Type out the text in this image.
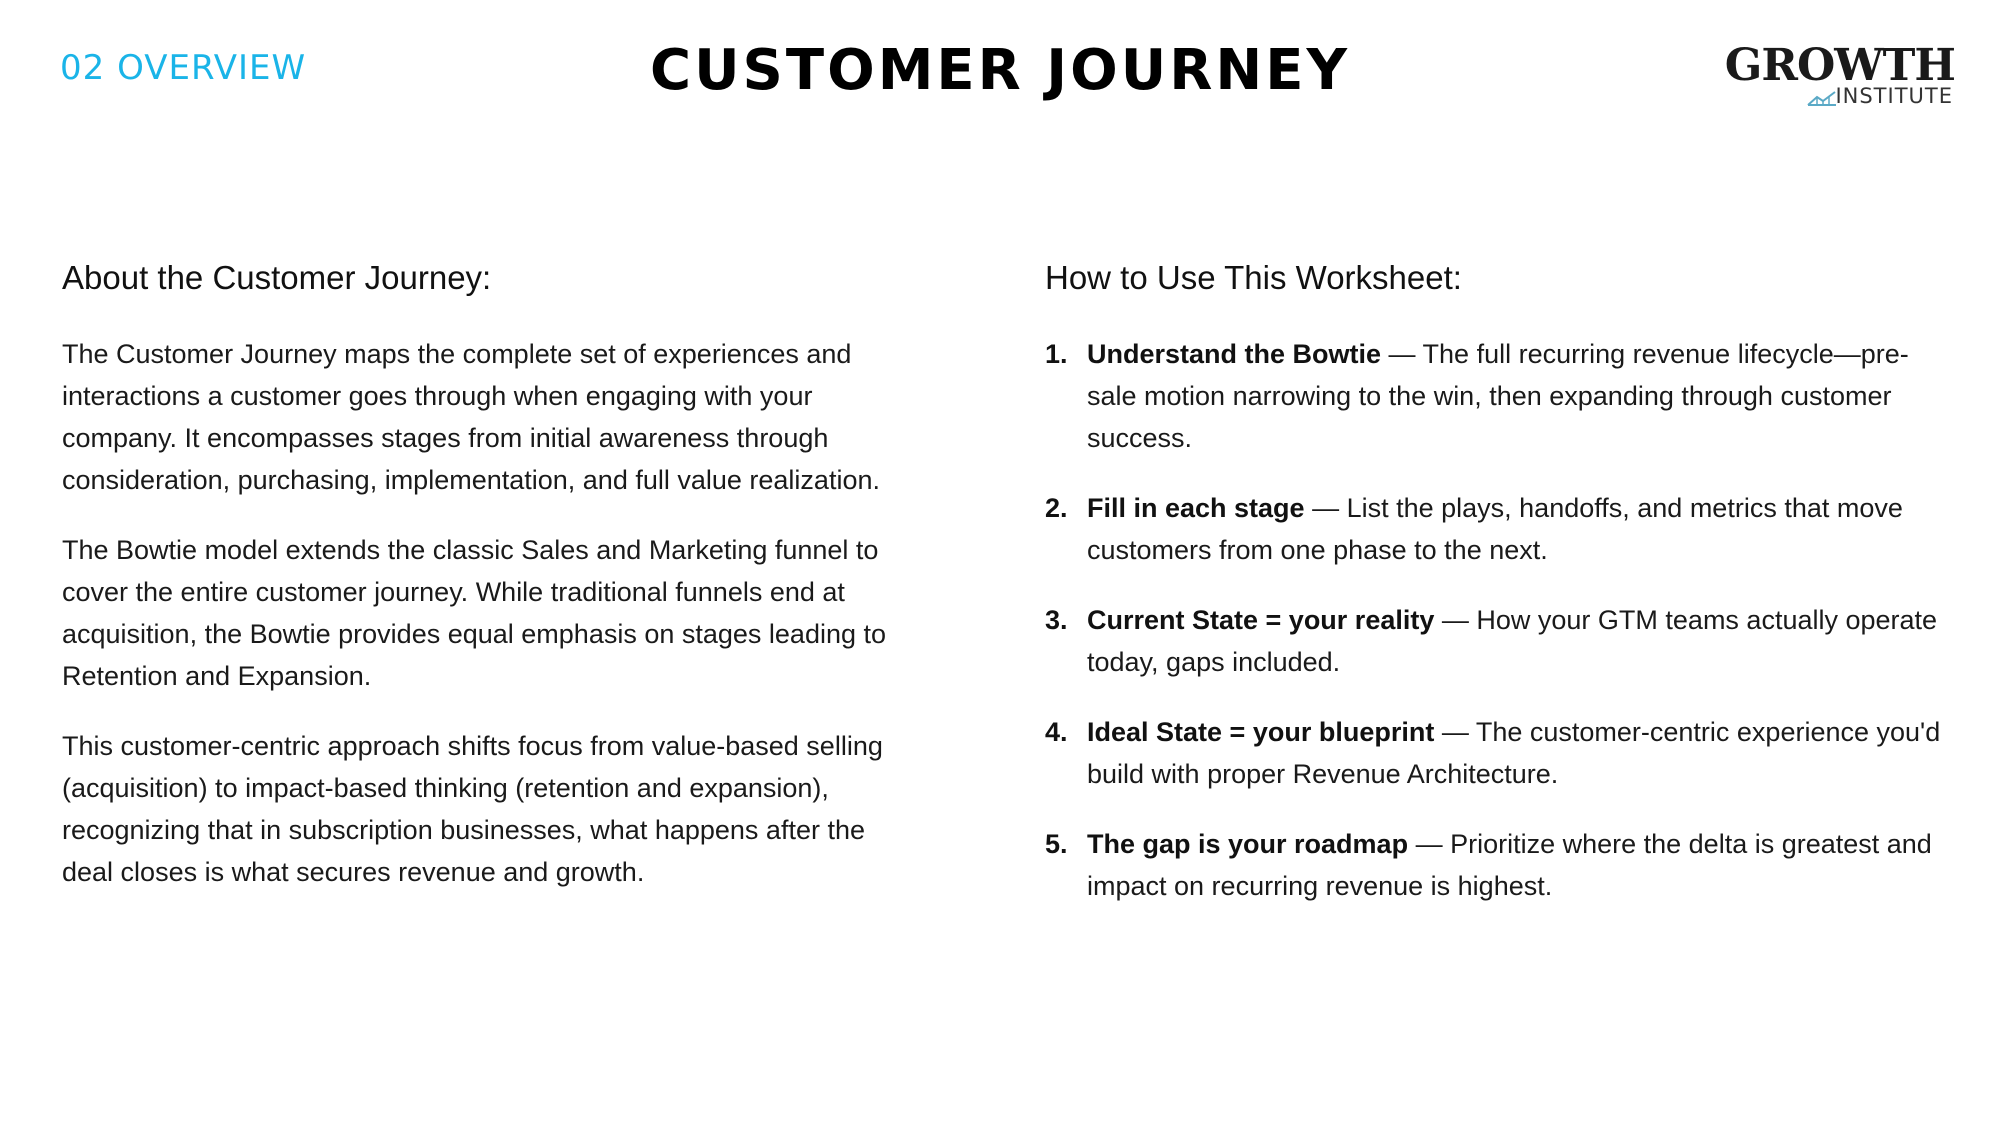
02 OVERVIEW	CUSTOMER JOURNEY	GROWTH
INSTITUTE
About the Customer Journey:

The Customer Journey maps the complete set of experiences and interactions a customer goes through when engaging with your company. It encompasses stages from initial awareness through consideration, purchasing, implementation, and full value realization.

The Bowtie model extends the classic Sales and Marketing funnel to cover the entire customer journey. While traditional funnels end at acquisition, the Bowtie provides equal emphasis on stages leading to Retention and Expansion.

This customer-centric approach shifts focus from value-based selling (acquisition) to impact-based thinking (retention and expansion), recognizing that in subscription businesses, what happens after the deal closes is what secures revenue and growth.

How to Use This Worksheet:
1. Understand the Bowtie — The full recurring revenue lifecycle—pre-sale motion narrowing to the win, then expanding through customer success.
2. Fill in each stage — List the plays, handoffs, and metrics that move customers from one phase to the next.
3. Current State = your reality — How your GTM teams actually operate today, gaps included.
4. Ideal State = your blueprint — The customer-centric experience you'd build with proper Revenue Architecture.
5. The gap is your roadmap — Prioritize where the delta is greatest and impact on recurring revenue is highest.
